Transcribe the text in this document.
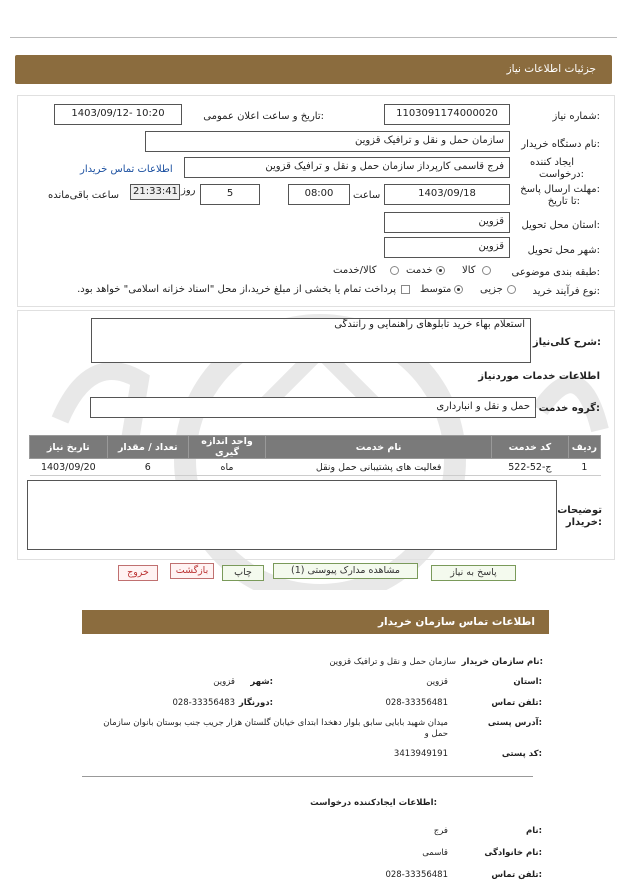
جزئیات اطلاعات نیاز
شماره نیاز:
1103091174000020
تاریخ و ساعت اعلان عمومی:
1403/09/12- 10:20
نام دستگاه خریدار:
سازمان حمل و نقل و ترافیک قزوین
ایجاد کننده
درخواست:
فرج قاسمی کارپرداز سازمان حمل و نقل و ترافیک قزوین
اطلاعات تماس خریدار
مهلت ارسال پاسخ:
تا تاریخ:
1403/09/18
ساعت
08:00
5
روز
21:33:41
ساعت باقی‌مانده
استان محل تحویل:
قزوین
شهر محل تحویل:
قزوین
طبقه بندی موضوعی:
کالا
خدمت
کالا/خدمت
نوع فرآیند خرید:
جزیی
متوسط
پرداخت تمام یا بخشی از مبلغ خرید،از محل "اسناد خزانه اسلامی" خواهد بود.
شرح کلی‌نیاز:
استعلام بهاء خرید تابلوهای راهنمایی و رانندگی
اطلاعات خدمات موردنیاز
گروه خدمت:
حمل و نقل و انبارداری
ردیف	کد خدمت	نام خدمت	واحد اندازه گیری	تعداد / مقدار	تاریخ نیاز
1	ج-52-522	فعالیت های پشتیبانی حمل ونقل	ماه	6	1403/09/20
توضیحات
خریدار:
پاسخ به نیاز
مشاهده مدارک پیوستی (1)
چاپ
بازگشت
خروج
اطلاعات تماس سازمان خریدار
نام سازمان خریدار:
سازمان حمل و نقل و ترافیک قزوین
استان:
قزوین
شهر:
قزوین
تلفن تماس:
028-33356481
دورنگار:
028-33356483
آدرس پستی:
میدان شهید بابایی سابق بلوار دهخدا ابتدای خیابان گلستان هزار جریب جنب بوستان بانوان سازمان حمل و
کد پستی:
3413949191
اطلاعات ایجادکننده درخواست:
نام:
فرج
نام خانوادگی:
قاسمی
تلفن تماس:
028-33356481
